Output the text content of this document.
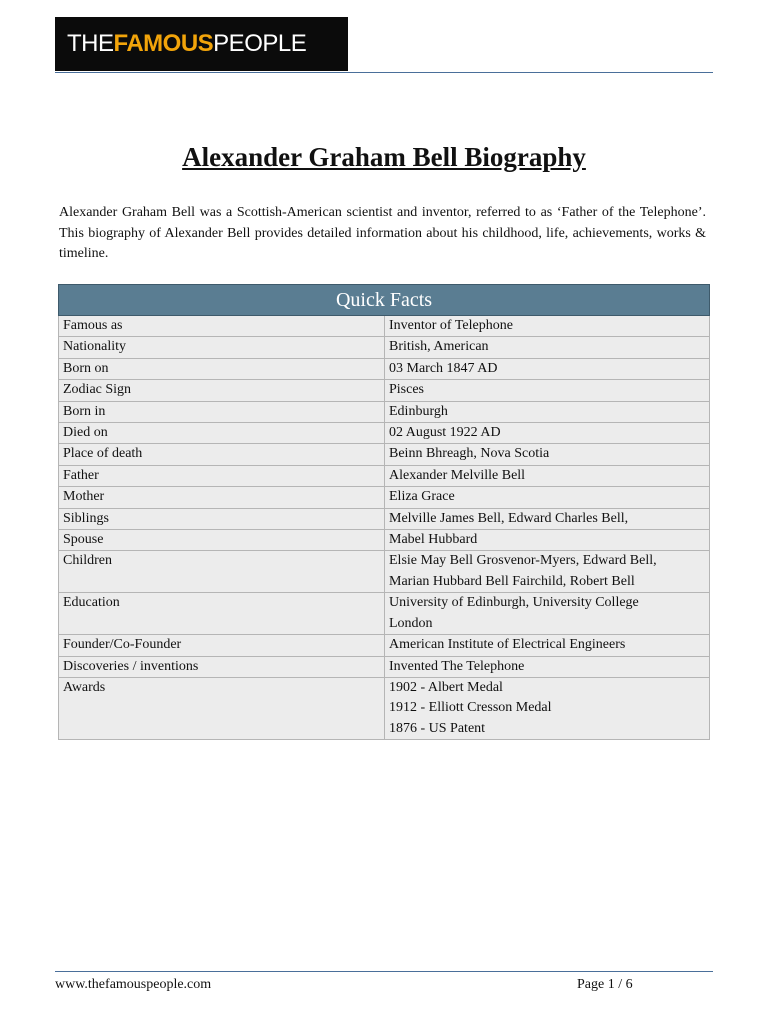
THE FAMOUS PEOPLE
Alexander Graham Bell Biography

Alexander Graham Bell was a Scottish-American scientist and inventor, referred to as ‘Father of the Telephone’. This biography of Alexander Bell provides detailed information about his childhood, life, achievements, works & timeline.

Quick Facts	
Famous as	Inventor of Telephone

Nationality	British, American

Born on	03 March 1847 AD

Zodiac Sign	Pisces

Born in	Edinburgh

Died on	02 August 1922 AD

Place of death	Beinn Bhreagh, Nova Scotia

Father	Alexander Melville Bell

Mother	Eliza Grace

Siblings	Melville James Bell, Edward Charles Bell,

Spouse	Mabel Hubbard

Children	Elsie May Bell Grosvenor-Myers, Edward Bell,
Marian Hubbard Bell Fairchild, Robert Bell

Education	University of Edinburgh, University College
London

Founder/Co-Founder	American Institute of Electrical Engineers

Discoveries / inventions	Invented The Telephone

Awards	1902 - Albert Medal
1912 - Elliott Cresson Medal
1876 - US Patent
www.thefamouspeople.com	Page 1 / 6
